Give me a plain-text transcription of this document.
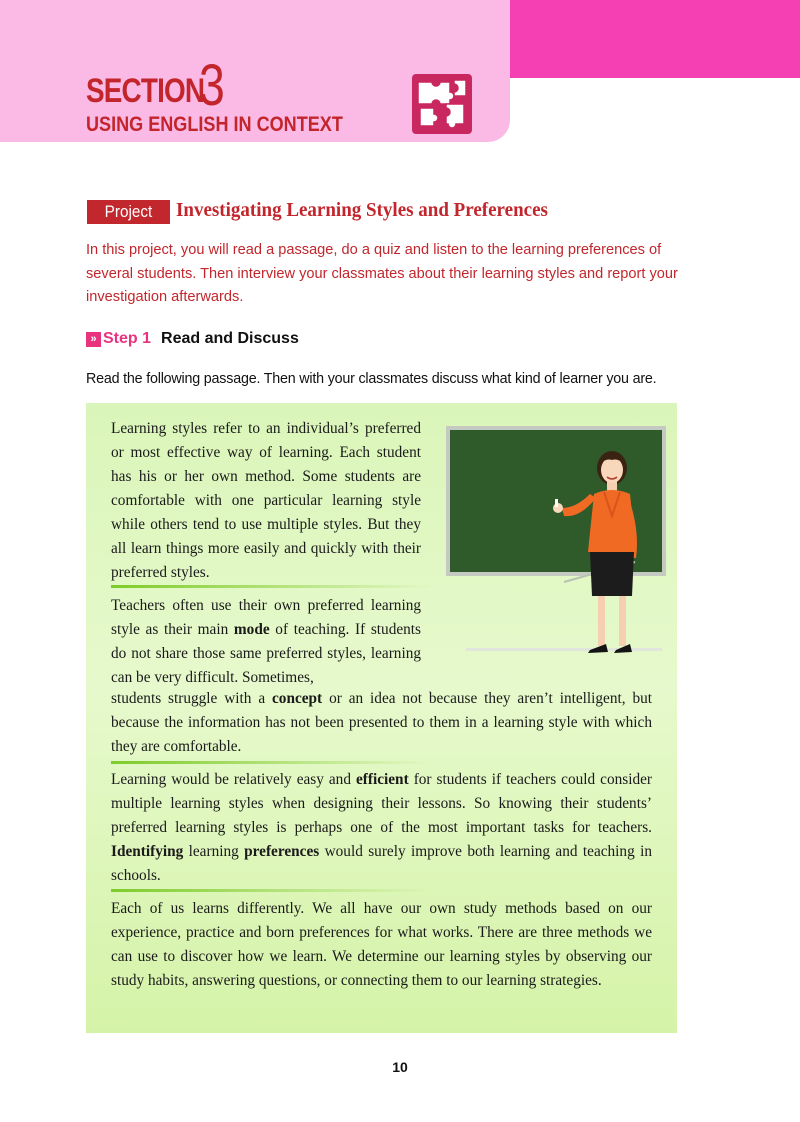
SECTION
3
USING ENGLISH IN CONTEXT
Project	Investigating Learning Styles and Preferences
In this project, you will read a passage, do a quiz and listen to the learning preferences of several students. Then interview your classmates about their learning styles and report your investigation afterwards.
» Step 1 Read and Discuss
Read the following passage. Then with your classmates discuss what kind of learner you are.
Learning styles refer to an individual’s preferred or most effective way of learning. Each student has his or her own method. Some students are comfortable with one particular learning style while others tend to use multiple styles. But they all learn things more easily and quickly with their preferred styles.
Teachers often use their own preferred learning style as their main mode of teaching. If students do not share those same preferred styles, learning can be very difficult. Sometimes,
students struggle with a concept or an idea not because they aren’t intelligent, but because the information has not been presented to them in a learning style with which they are comfortable.
Learning would be relatively easy and efficient for students if teachers could consider multiple learning styles when designing their lessons. So knowing their students’ preferred learning styles is perhaps one of the most important tasks for teachers. Identifying learning preferences would surely improve both learning and teaching in schools.
Each of us learns differently. We all have our own study methods based on our experience, practice and born preferences for what works. There are three methods we can use to discover how we learn. We determine our learning styles by observing our study habits, answering questions, or connecting them to our learning strategies.
10
